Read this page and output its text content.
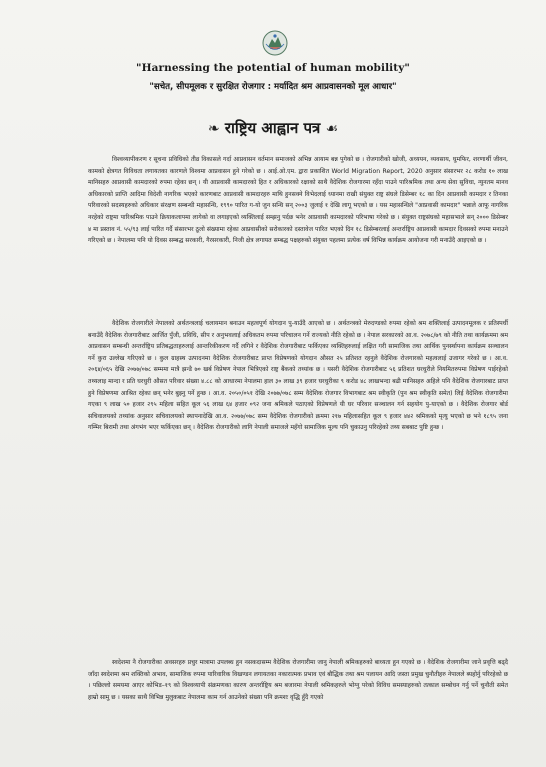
"Harnessing the potential of human mobility"
"सचेत, सीपमूलक र सुरक्षित रोजगार : मर्यादित श्रम आप्रवासनको मूल आधार"
❧ राष्ट्रिय आह्वान पत्र ☙
विश्वव्यापीकरण र सूचना प्रविधिको तीव्र विकासले गर्दा आप्रवासन वर्तमान समाजको अभिन्न आयाम बन्न पुगेको छ । रोजगारीको खोजी, अध्ययन, व्यवसाय, घुमफिर, शरणार्थी जीवन, कामको क्षेत्रगत विविधता लगायतका कारणले विश्वमा आप्रवासन हुने गरेको छ । आई.ओ.एम. द्वारा प्रकाशित World Migration Report, 2020 अनुसार संसारभर २८ करोड १० लाख मानिसहरु आप्रवासी कामदारको रुपमा रहेका छन् । यी आप्रवासी कामदारको हित र अधिकारको रक्षाको साथै वैदेशिक रोजगारमा रहँदा पाउने पारिश्रमिक तथा अन्य सेवा सुविधा, न्युनतम मानव अधिकारको प्राप्ति आदिमा विदेशी नागरिक भएको कारणबाट आप्रवासी कामदारहरु माथि हुनसक्ने विभेदलाई ध्यानमा राखी संयुक्त राष्ट्र संघले डिसेम्बर १८ का दिन आप्रवासी कामदार र तिनका परिवारको सदस्यहरुको अधिकार संरक्षण सम्बन्धी महासन्धि, १९९० पारित ग-यो जुन सन्धि सन् २००३ जुलाई १ देखि लागू भएको छ । यस महासन्धिले "आप्रवासी कामदार" भन्नाले आफू नागरिक नरहेको राष्ट्रमा पारिश्रमिक पाउने क्रियाकलापमा लागेको वा लगाइएको व्यक्तिलाई सम्झनु पर्दछ भनेर आप्रवासी कामदारको परिभाषा गरेको छ । संयुक्त राष्ट्रसंघको महासभाले सन् २००० डिसेम्बर ४ मा प्रस्ताव नं. ५५/९३ लाई पारित गर्दै संसारभर ठूलो संख्यामा रहेका आप्रवासीको सरोकारको दस्तावेज पारित भएको दिन १८ डिसेम्बरलाई अन्तर्राष्ट्रिय आप्रवासी कामदार दिवसको रुपमा मनाउने गरिएको छ । नेपालमा पनि यो दिवस सम्बद्ध सरकारी, गैरसरकारी, निजी क्षेत्र लगायत सम्बद्ध पक्षहरुको संयुक्त पहलमा प्रत्येक वर्ष विभिन्न कार्यक्रम आयोजना गरी मनाउँदै आइएको छ ।
वैदेशिक रोजगारीले नेपालको अर्थतन्त्रलाई चलायमान बनाउन महत्वपूर्ण योगदान पु-याउँदै आएको छ । अर्थतन्त्रको मेरुदण्डको रुपमा रहेको श्रम शक्तिलाई उत्पादनमूलक र प्रतिस्पर्धी बनाउँदै वैदेशिक रोजगारीबाट आर्जित पुँजी, प्रविधि, सीप र अनुभवलाई अधिकतम रुपमा परिचालन गर्ने राज्यको नीति रहेको छ । नेपाल सरकारको आ.व. २०७८/७९ को नीति तथा कार्यक्रममा श्रम आप्रवासन सम्बन्धी अन्तर्राष्ट्रिय प्रतिबद्धताहरुलाई आन्तरिकीकरण गर्दै लगिने र वैदेशिक रोजगारीबाट फर्किएका व्यक्तिहरुलाई लक्षित गरी सामाजिक तथा आर्थिक पुनर्स्थापना कार्यक्रम सञ्चालन गर्ने कुरा उल्लेख गरिएको छ । कुल ग्राहस्थ उत्पादनमा वैदेशिक रोजगारीबाट प्राप्त विप्रेषणको योगदान औसत २५ प्रतिशत रहनुले वैदेशिक रोजगारको महत्वलाई उजागर गरेको छ । आ.व. २०६४/०६५ देखि २०७७/०७८ सम्ममा मात्रै झन्डै ७० खर्ब विप्रेषण नेपाल भित्रिएको राष्ट्र बैंकको तथ्यांक छ । यसरी वैदेशिक रोजगारीबाट ५६ प्रतिशत घरधुरीले नियमितरुपमा विप्रेषण पाईरहेको तथ्यलाइ मान्दा र प्रति घरधुरी औसत परिवार संख्या ४.८८ को आधारमा नेपालमा हाल ३० लाख ३९ हजार घरधुरीका ९ करोड ४८ लाखभन्दा बढी मानिसहरु अहिले पनि वैदेशिक रोजगारबाट प्राप्त हुने विप्रेषणमा आश्रित रहेका छन् भनेर बुझ्नु पर्ने हुन्छ । आ.व. २०५०/०५१ देखि २०७७/०७८ सम्म वैदेशिक रोजगार विभागबाट श्रम स्वीकृति (पुन श्रम स्वीकृति समेत) लिई वैदेशिक रोजगारीमा गएका ९ लाख ५० हजार २९५ महिला सहित कूल ५६ लाख ६४ हजार ०९२ जना श्रमिकले पठाएको विप्रेषणले यी घर परिवार सञ्चालन गर्न सहयोग पु-याएको छ । वैदेशिक रोजगार बोर्ड सचिवालयको तथ्यांक अनुसार सचिवालयको स्थापनादेखि आ.व. २०७७/०७८ सम्म वैदेशिक रोजगारीको क्रममा २१७ महिलासहित कूल ९ हजार ४४२ श्रमिकको मृत्यु भएको छ भने १८९५ जना गम्भिर बिरामी तथा अंगभंग भएर फर्किएका छन् । वैदेशिक रोजगारीको लागि नेपाली समाजले महँगो सामाजिक मूल्य पनि चुकाउनु परिरहेको तथ्य सबबाट पुष्टि हुन्छ ।
स्वदेशमा नै रोजगारीका अवसरहरु प्रचुर मात्रामा उपलब्ध हुन नसकदासम्म वैदेशिक रोजगारीमा जानु नेपाली श्रमिकहरुको बाध्यता हुन गएको छ । वैदेशिक रोजगारीमा जाने प्रवृत्ति बढ्दै जाँदा स्वदेशमा श्रम शक्तिको अभाव, सामाजिक रुपमा पारिवारिक विखण्डन लगायतका नकारात्मक प्रभाव एवं बौद्धिक तथा श्रम पलायन आदि जस्ता प्रमुख चुनौतीहरु नेपालले ब्यहोर्नु परिरहेको छ । पछिल्लो समयमा आएर कोभिड–१९ को विश्वव्यापी संक्रमणका कारण अन्तर्राष्ट्रिय श्रम बजारमा नेपाली श्रमिकहरुले भोग्नु परेको विविध समस्याहरुको तत्काल सम्बोधन गर्नु पर्ने चुनौती समेत हाम्रो सामु छ । यसका साथै विभिन्न मुलुकबाट नेपालमा काम गर्न आउनेको संख्या पनि क्रमशः वृद्धि हुँदै गएको
